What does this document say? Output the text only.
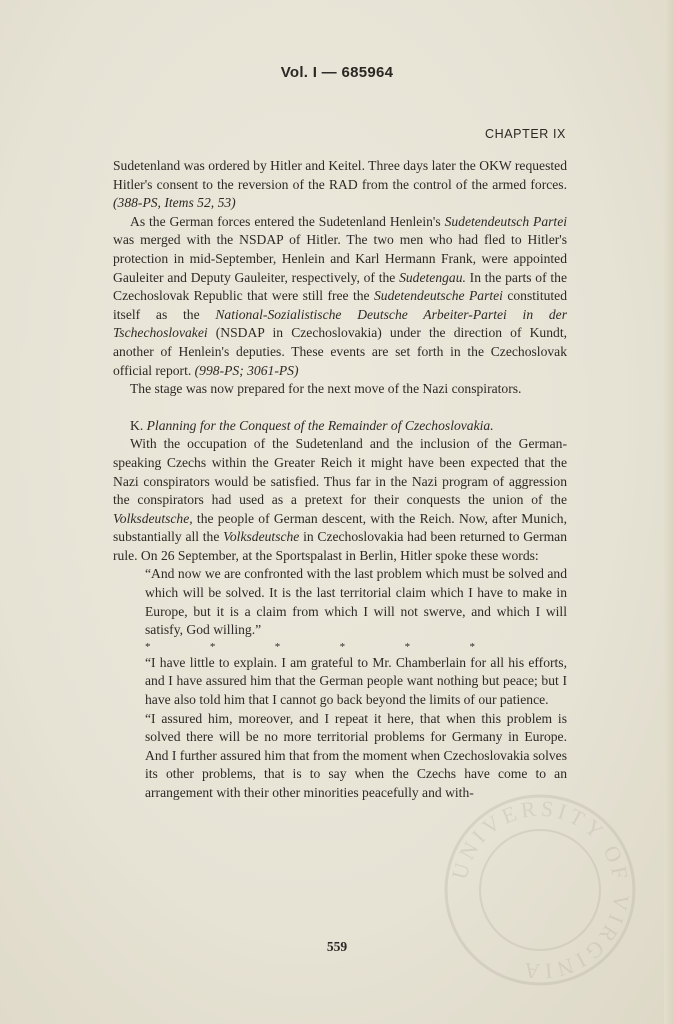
Vol. I — 685964
CHAPTER IX

Sudetenland was ordered by Hitler and Keitel. Three days later the OKW requested Hitler's consent to the reversion of the RAD from the control of the armed forces. (388-PS, Items 52, 53)

As the German forces entered the Sudetenland Henlein's Sudetendeutsch Partei was merged with the NSDAP of Hitler. The two men who had fled to Hitler's protection in mid-September, Henlein and Karl Hermann Frank, were appointed Gauleiter and Deputy Gauleiter, respectively, of the Sudetengau. In the parts of the Czechoslovak Republic that were still free the Sudetendeutsche Partei constituted itself as the National-Sozialistische Deutsche Arbeiter-Partei in der Tschechoslovakei (NSDAP in Czechoslovakia) under the direction of Kundt, another of Henlein's deputies. These events are set forth in the Czechoslovak official report. (998-PS; 3061-PS)

The stage was now prepared for the next move of the Nazi conspirators.

K. Planning for the Conquest of the Remainder of Czechoslovakia.

With the occupation of the Sudetenland and the inclusion of the German-speaking Czechs within the Greater Reich it might have been expected that the Nazi conspirators would be satisfied. Thus far in the Nazi program of aggression the conspirators had used as a pretext for their conquests the union of the Volksdeutsche, the people of German descent, with the Reich. Now, after Munich, substantially all the Volksdeutsche in Czechoslovakia had been returned to German rule. On 26 September, at the Sportspalast in Berlin, Hitler spoke these words:

“And now we are confronted with the last problem which must be solved and which will be solved. It is the last territorial claim which I have to make in Europe, but it is a claim from which I will not swerve, and which I will satisfy, God willing.”

*	*	*	*	*	*

“I have little to explain. I am grateful to Mr. Chamberlain for all his efforts, and I have assured him that the German people want nothing but peace; but I have also told him that I cannot go back beyond the limits of our patience.

“I assured him, moreover, and I repeat it here, that when this problem is solved there will be no more territorial problems for Germany in Europe. And I further assured him that from the moment when Czechoslovakia solves its other problems, that is to say when the Czechs have come to an arrangement with their other minorities peacefully and with-

559
UNIVERSITY OF VIRGINIA
